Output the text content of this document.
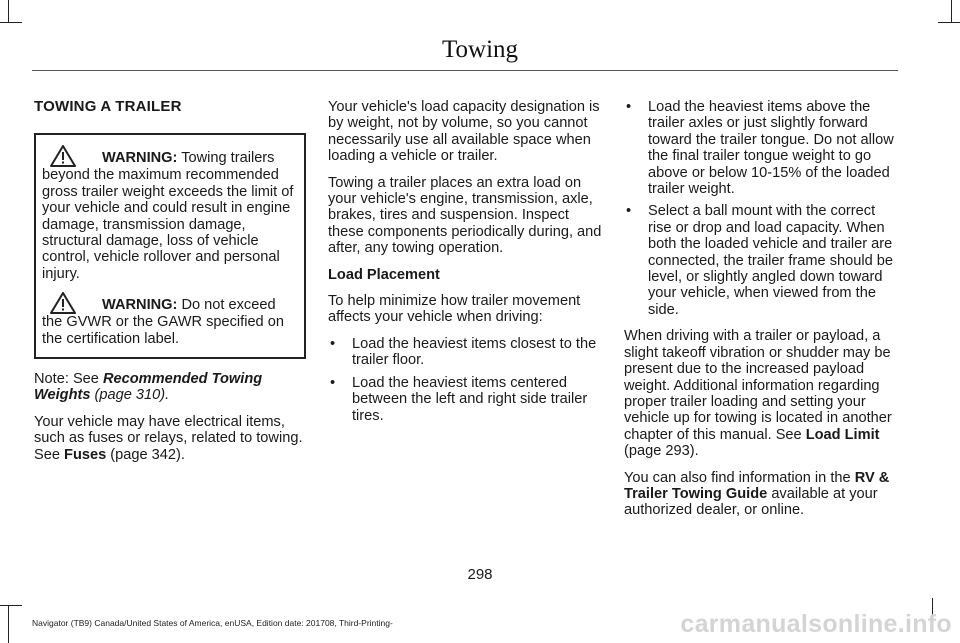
Towing
TOWING A TRAILER

WARNING: Towing trailers beyond the maximum recommended gross trailer weight exceeds the limit of your vehicle and could result in engine damage, transmission damage, structural damage, loss of vehicle control, vehicle rollover and personal injury.

WARNING: Do not exceed the GVWR or the GAWR specified on the certification label.

Note: See Recommended Towing Weights (page 310).

Your vehicle may have electrical items, such as fuses or relays, related to towing. See Fuses (page 342).

Your vehicle's load capacity designation is by weight, not by volume, so you cannot necessarily use all available space when loading a vehicle or trailer.

Towing a trailer places an extra load on your vehicle's engine, transmission, axle, brakes, tires and suspension. Inspect these components periodically during, and after, any towing operation.

Load Placement

To help minimize how trailer movement affects your vehicle when driving:

• Load the heaviest items closest to the trailer floor.
• Load the heaviest items centered between the left and right side trailer tires.
• Load the heaviest items above the trailer axles or just slightly forward toward the trailer tongue. Do not allow the final trailer tongue weight to go above or below 10-15% of the loaded trailer weight.
• Select a ball mount with the correct rise or drop and load capacity. When both the loaded vehicle and trailer are connected, the trailer frame should be level, or slightly angled down toward your vehicle, when viewed from the side.

When driving with a trailer or payload, a slight takeoff vibration or shudder may be present due to the increased payload weight. Additional information regarding proper trailer loading and setting your vehicle up for towing is located in another chapter of this manual. See Load Limit (page 293).

You can also find information in the RV & Trailer Towing Guide available at your authorized dealer, or online.

298
Navigator (TB9) Canada/United States of America, enUSA, Edition date: 201708, Third-Printing-	carmanualsonline.info
